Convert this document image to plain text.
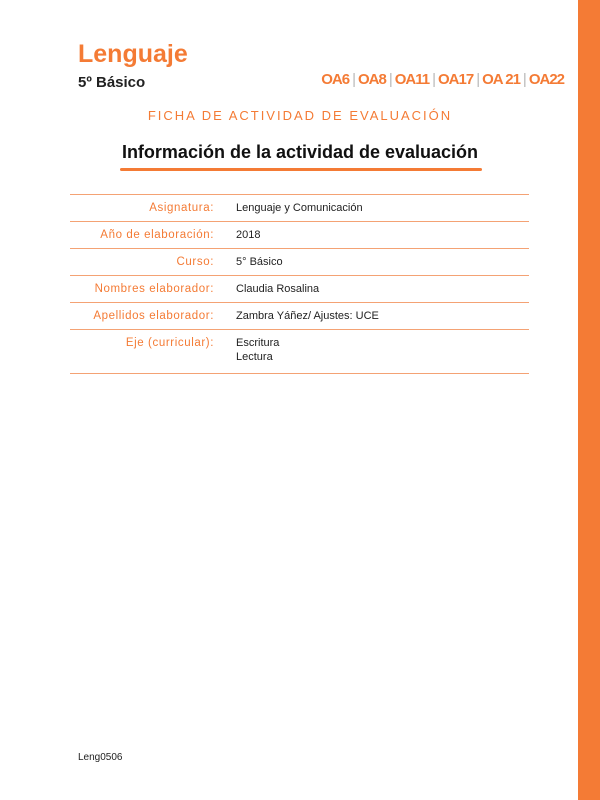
Lenguaje
5º Básico	OA6 | OA8 | OA11 | OA17 | OA 21 | OA22
FICHA DE ACTIVIDAD DE EVALUACIÓN
Información de la actividad de evaluación
Asignatura:	Lenguaje y Comunicación
Año de elaboración:	2018
Curso:	5° Básico
Nombres elaborador:	Claudia Rosalina
Apellidos elaborador:	Zambra Yáñez/ Ajustes: UCE
Eje (curricular):	Escritura
Lectura
Leng0506
